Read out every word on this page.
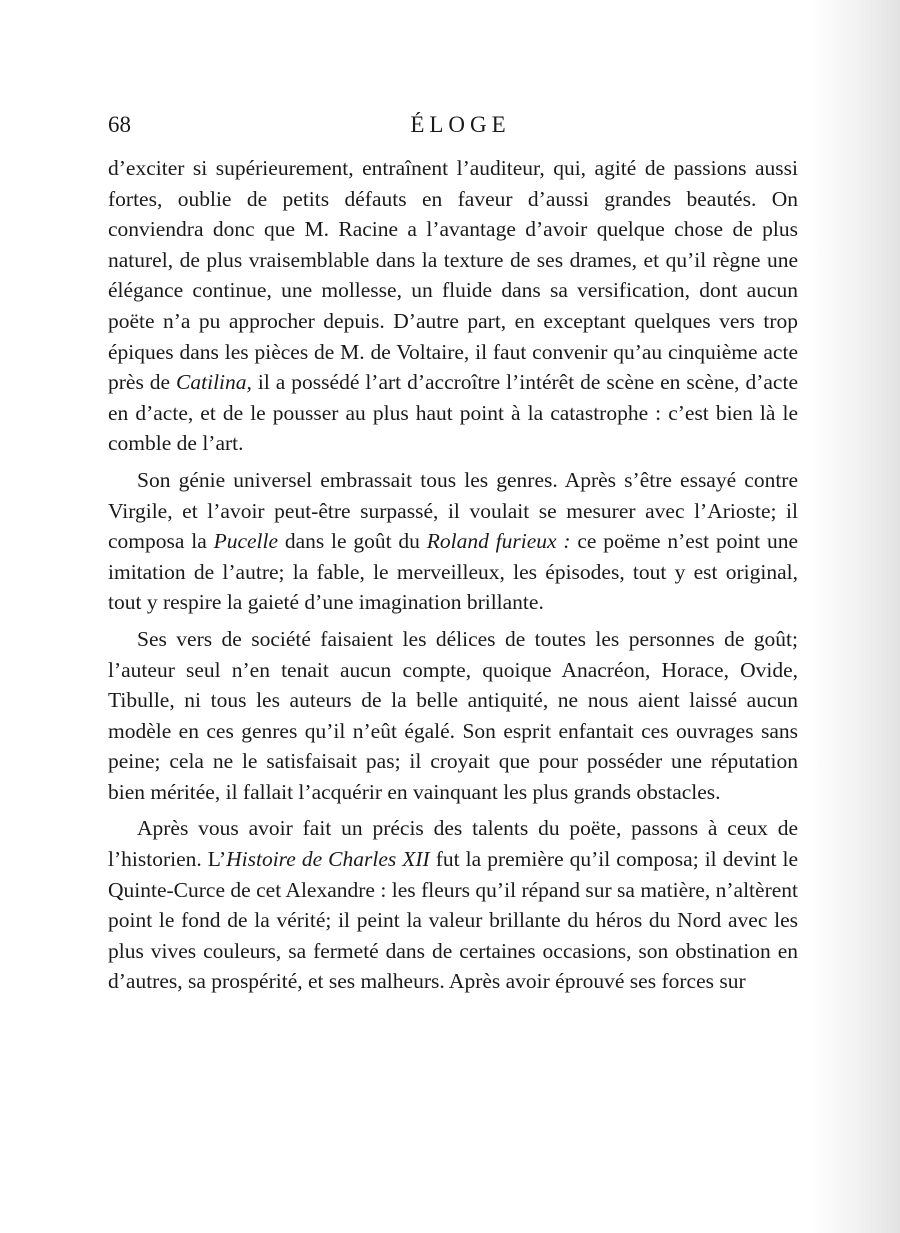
68	ÉLOGE

d’exciter si supérieurement, entraînent l’auditeur, qui, agité de passions aussi fortes, oublie de petits défauts en faveur d’aussi grandes beautés. On conviendra donc que M. Racine a l’avantage d’avoir quelque chose de plus naturel, de plus vraisemblable dans la texture de ses drames, et qu’il règne une élégance continue, une mollesse, un fluide dans sa versification, dont aucun poëte n’a pu approcher depuis. D’autre part, en exceptant quelques vers trop épiques dans les pièces de M. de Voltaire, il faut convenir qu’au cinquième acte près de Catilina, il a possédé l’art d’accroître l’intérêt de scène en scène, d’acte en d’acte, et de le pousser au plus haut point à la catastrophe : c’est bien là le comble de l’art.

Son génie universel embrassait tous les genres. Après s’être essayé contre Virgile, et l’avoir peut-être surpassé, il voulait se mesurer avec l’Arioste; il composa la Pucelle dans le goût du Roland furieux : ce poëme n’est point une imitation de l’autre; la fable, le merveilleux, les épisodes, tout y est original, tout y respire la gaieté d’une imagination brillante.

Ses vers de société faisaient les délices de toutes les personnes de goût; l’auteur seul n’en tenait aucun compte, quoique Anacréon, Horace, Ovide, Tibulle, ni tous les auteurs de la belle antiquité, ne nous aient laissé aucun modèle en ces genres qu’il n’eût égalé. Son esprit enfantait ces ouvrages sans peine; cela ne le satisfaisait pas; il croyait que pour posséder une réputation bien méritée, il fallait l’acquérir en vainquant les plus grands obstacles.

Après vous avoir fait un précis des talents du poëte, passons à ceux de l’historien. L’Histoire de Charles XII fut la première qu’il composa; il devint le Quinte-Curce de cet Alexandre : les fleurs qu’il répand sur sa matière, n’altèrent point le fond de la vérité; il peint la valeur brillante du héros du Nord avec les plus vives couleurs, sa fermeté dans de certaines occasions, son obstination en d’autres, sa prospérité, et ses malheurs. Après avoir éprouvé ses forces sur
